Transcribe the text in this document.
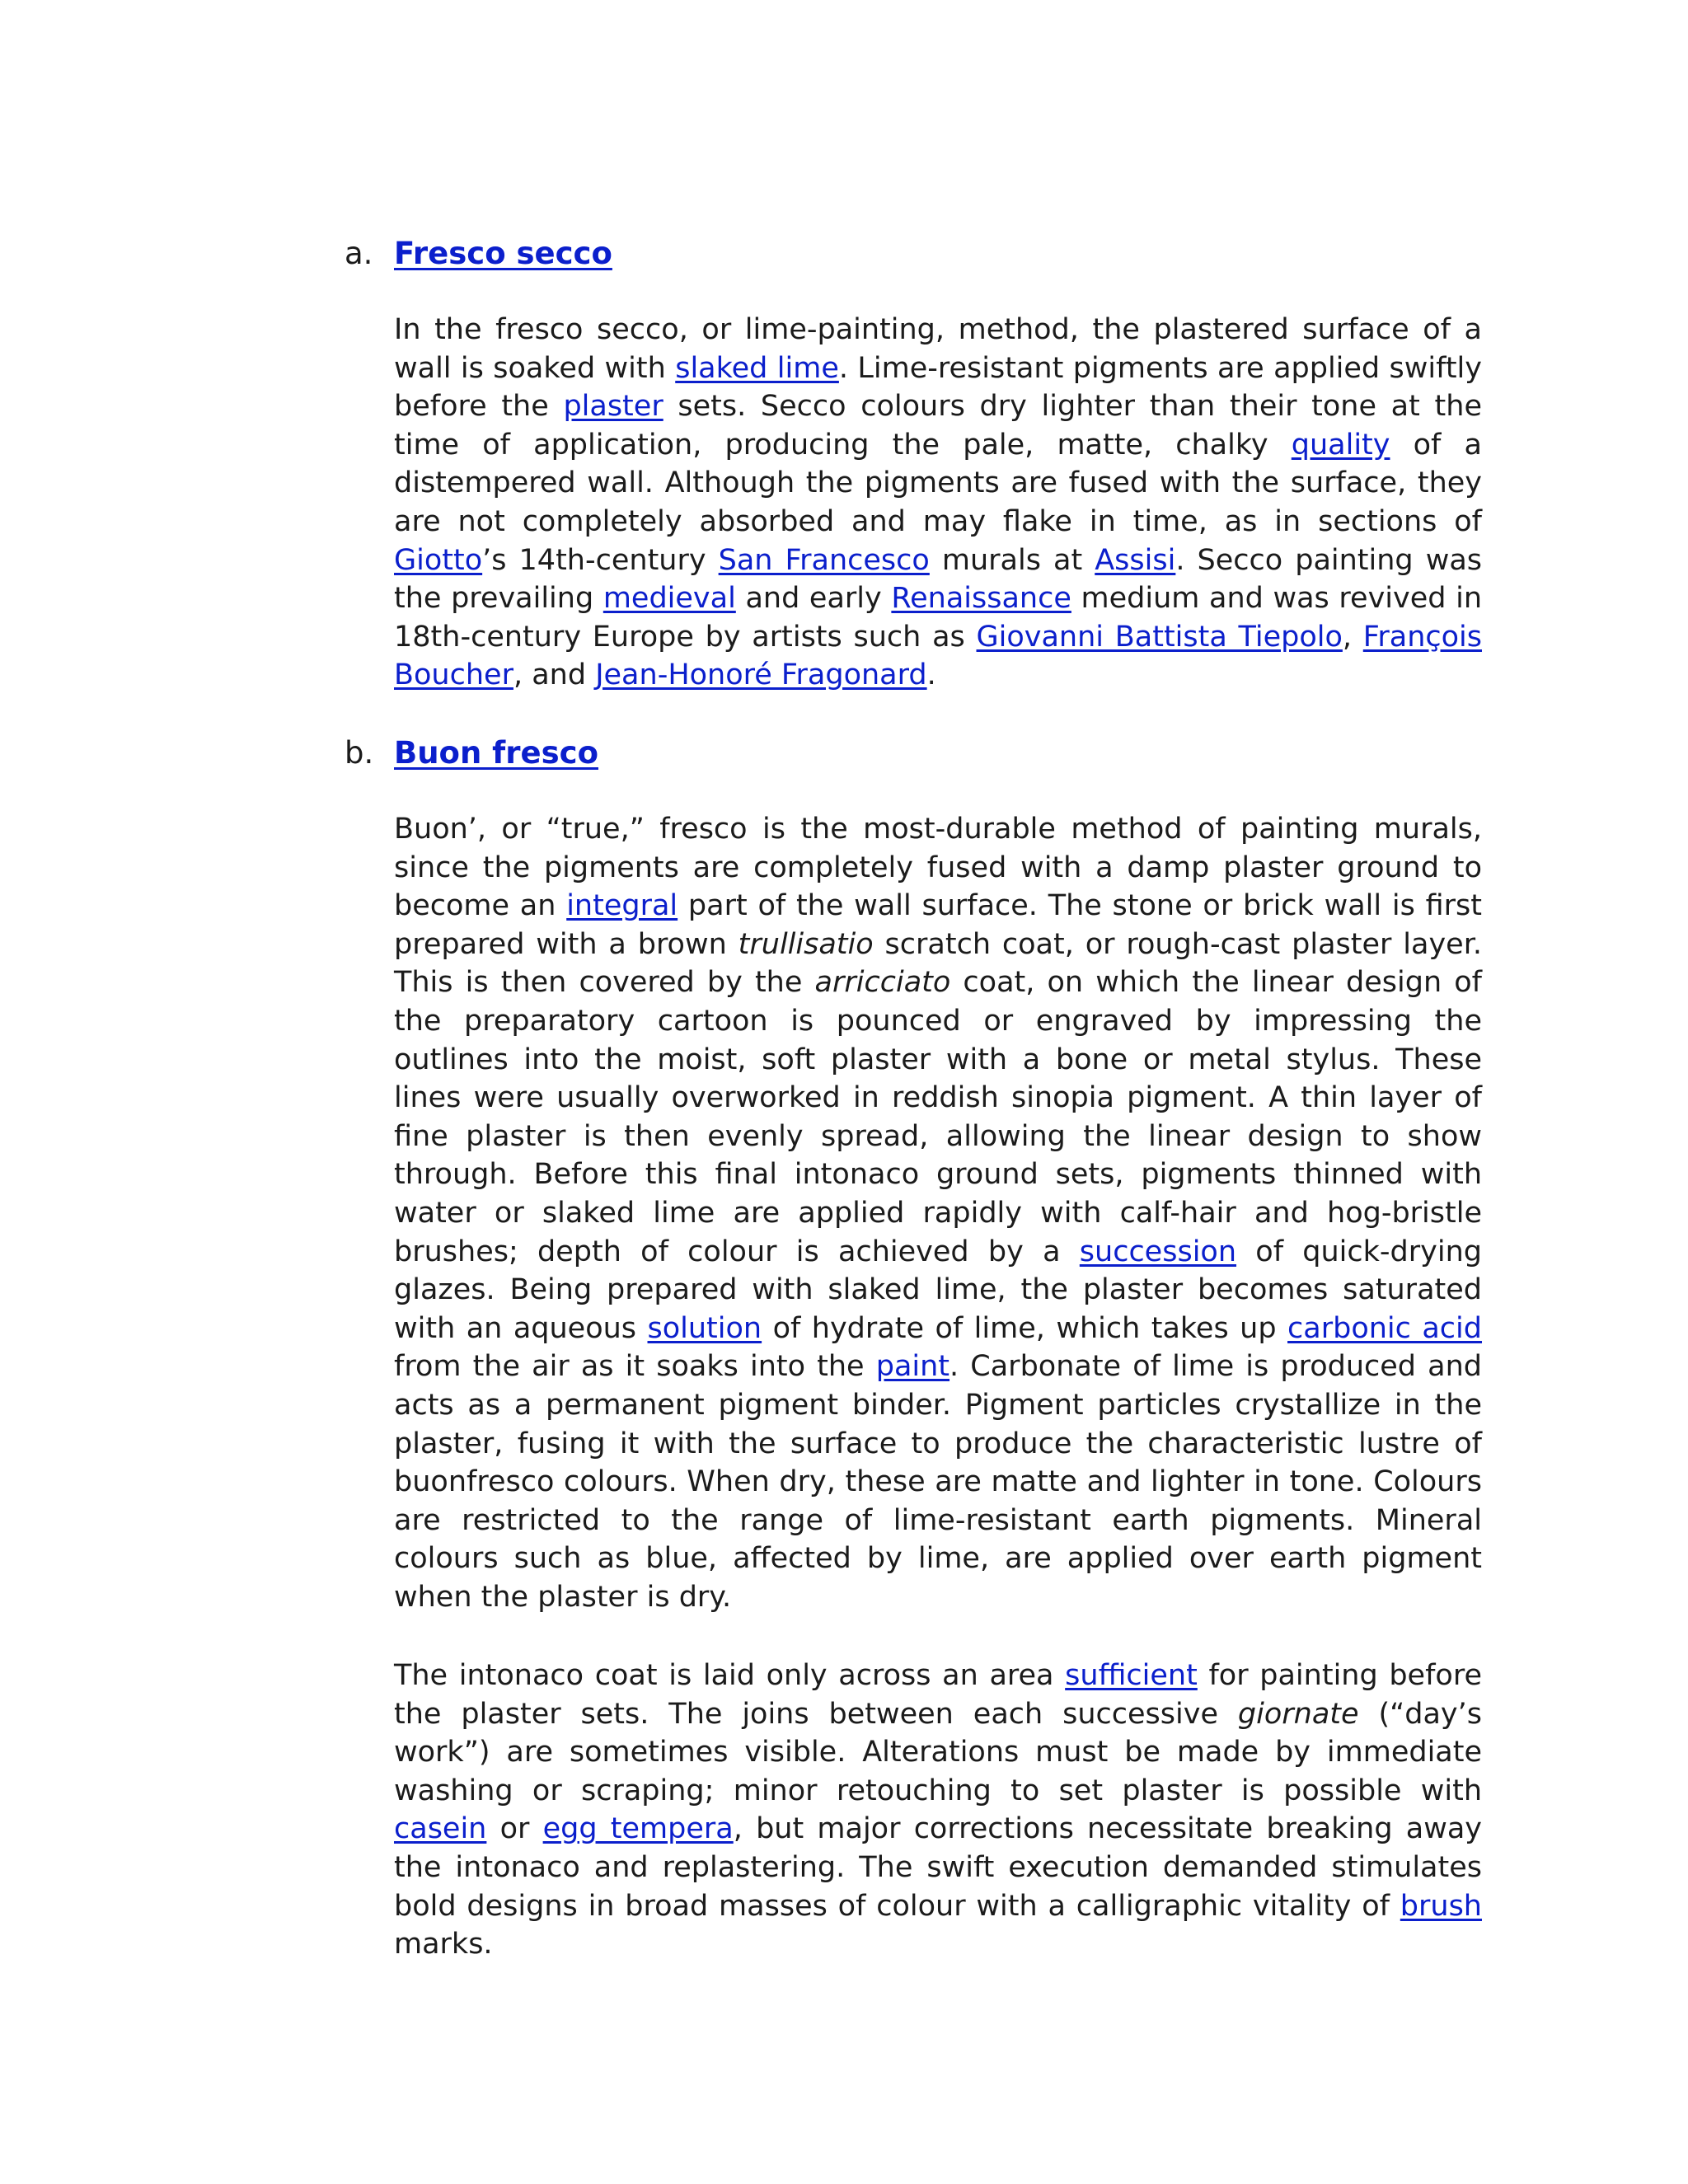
a. Fresco secco

In the fresco secco, or lime-painting, method, the plastered surface of a wall is soaked with slaked lime. Lime-resistant pigments are applied swiftly before the plaster sets. Secco colours dry lighter than their tone at the time of application, producing the pale, matte, chalky quality of a distempered wall. Although the pigments are fused with the surface, they are not completely absorbed and may flake in time, as in sections of Giotto’s 14th-century San Francesco murals at Assisi. Secco painting was the prevailing medieval and early Renaissance medium and was revived in 18th-century Europe by artists such as Giovanni Battista Tiepolo, François Boucher, and Jean-Honoré Fragonard.

b. Buon fresco

Buon’, or “true,” fresco is the most-durable method of painting murals, since the pigments are completely fused with a damp plaster ground to become an integral part of the wall surface. The stone or brick wall is first prepared with a brown trullisatio scratch coat, or rough-cast plaster layer. This is then covered by the arricciato coat, on which the linear design of the preparatory cartoon is pounced or engraved by impressing the outlines into the moist, soft plaster with a bone or metal stylus. These lines were usually overworked in reddish sinopia pigment. A thin layer of fine plaster is then evenly spread, allowing the linear design to show through. Before this final intonaco ground sets, pigments thinned with water or slaked lime are applied rapidly with calf-hair and hog-bristle brushes; depth of colour is achieved by a succession of quick-drying glazes. Being prepared with slaked lime, the plaster becomes saturated with an aqueous solution of hydrate of lime, which takes up carbonic acid from the air as it soaks into the paint. Carbonate of lime is produced and acts as a permanent pigment binder. Pigment particles crystallize in the plaster, fusing it with the surface to produce the characteristic lustre of buonfresco colours. When dry, these are matte and lighter in tone. Colours are restricted to the range of lime-resistant earth pigments. Mineral colours such as blue, affected by lime, are applied over earth pigment when the plaster is dry.

The intonaco coat is laid only across an area sufficient for painting before the plaster sets. The joins between each successive giornate (“day’s work”) are sometimes visible. Alterations must be made by immediate washing or scraping; minor retouching to set plaster is possible with casein or egg tempera, but major corrections necessitate breaking away the intonaco and replastering. The swift execution demanded stimulates bold designs in broad masses of colour with a calligraphic vitality of brush marks.
